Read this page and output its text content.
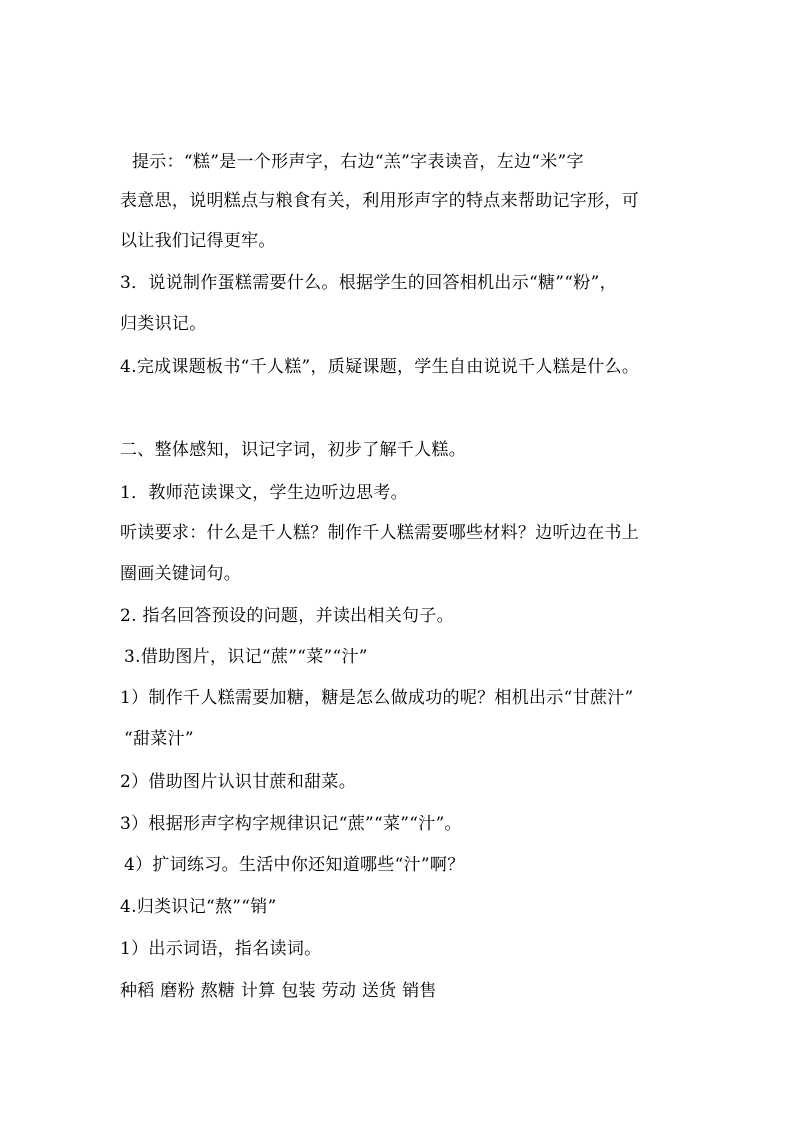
提示：“糕”是一个形声字，右边“羔”字表读音，左边“米”字
表意思，说明糕点与粮食有关，利用形声字的特点来帮助记字形，可
以让我们记得更牢。
3．说说制作蛋糕需要什么。根据学生的回答相机出示“糖”“粉”，
归类识记。
4.完成课题板书“千人糕”，质疑课题，学生自由说说千人糕是什么。
二、整体感知，识记字词，初步了解千人糕。
1．教师范读课文，学生边听边思考。
听读要求：什么是千人糕？制作千人糕需要哪些材料？边听边在书上
圈画关键词句。
2. 指名回答预设的问题，并读出相关句子。
3.借助图片，识记“蔗”“菜”“汁”
1）制作千人糕需要加糖，糖是怎么做成功的呢？相机出示“甘蔗汁”
“甜菜汁”
2）借助图片认识甘蔗和甜菜。
3）根据形声字构字规律识记“蔗”“菜”“汁”。
4）扩词练习。生活中你还知道哪些“汁”啊？
4.归类识记“熬”“销”
1）出示词语，指名读词。
种稻 磨粉 熬糖 计算 包装 劳动 送货 销售
